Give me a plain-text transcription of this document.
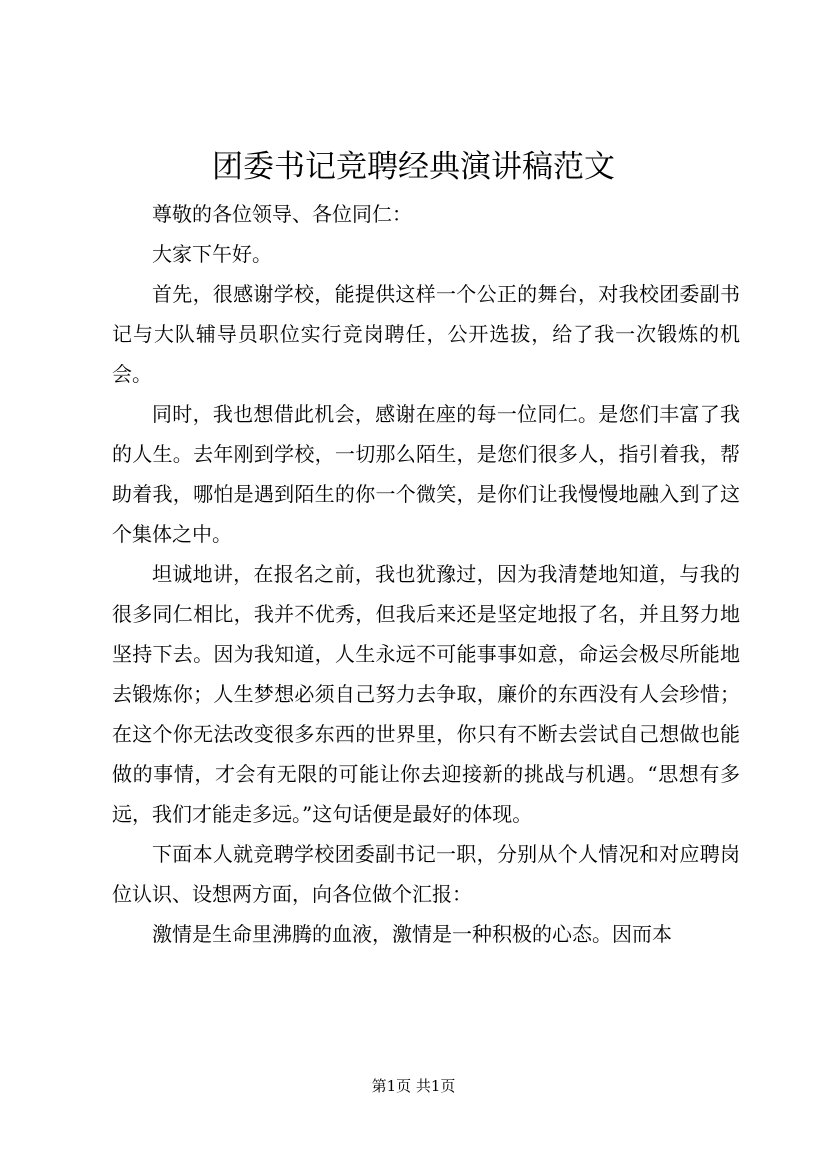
团委书记竞聘经典演讲稿范文

尊敬的各位领导、各位同仁：

大家下午好。

首先，很感谢学校，能提供这样一个公正的舞台，对我校团委副书记与大队辅导员职位实行竞岗聘任，公开选拔，给了我一次锻炼的机会。

同时，我也想借此机会，感谢在座的每一位同仁。是您们丰富了我的人生。去年刚到学校，一切那么陌生，是您们很多人，指引着我，帮助着我，哪怕是遇到陌生的你一个微笑，是你们让我慢慢地融入到了这个集体之中。

坦诚地讲，在报名之前，我也犹豫过，因为我清楚地知道，与我的很多同仁相比，我并不优秀，但我后来还是坚定地报了名，并且努力地坚持下去。因为我知道，人生永远不可能事事如意，命运会极尽所能地去锻炼你；人生梦想必须自己努力去争取，廉价的东西没有人会珍惜；在这个你无法改变很多东西的世界里，你只有不断去尝试自己想做也能做的事情，才会有无限的可能让你去迎接新的挑战与机遇。“思想有多远，我们才能走多远。”这句话便是最好的体现。

下面本人就竞聘学校团委副书记一职，分别从个人情况和对应聘岗位认识、设想两方面，向各位做个汇报：

激情是生命里沸腾的血液，激情是一种积极的心态。因而本

第1页 共1页
